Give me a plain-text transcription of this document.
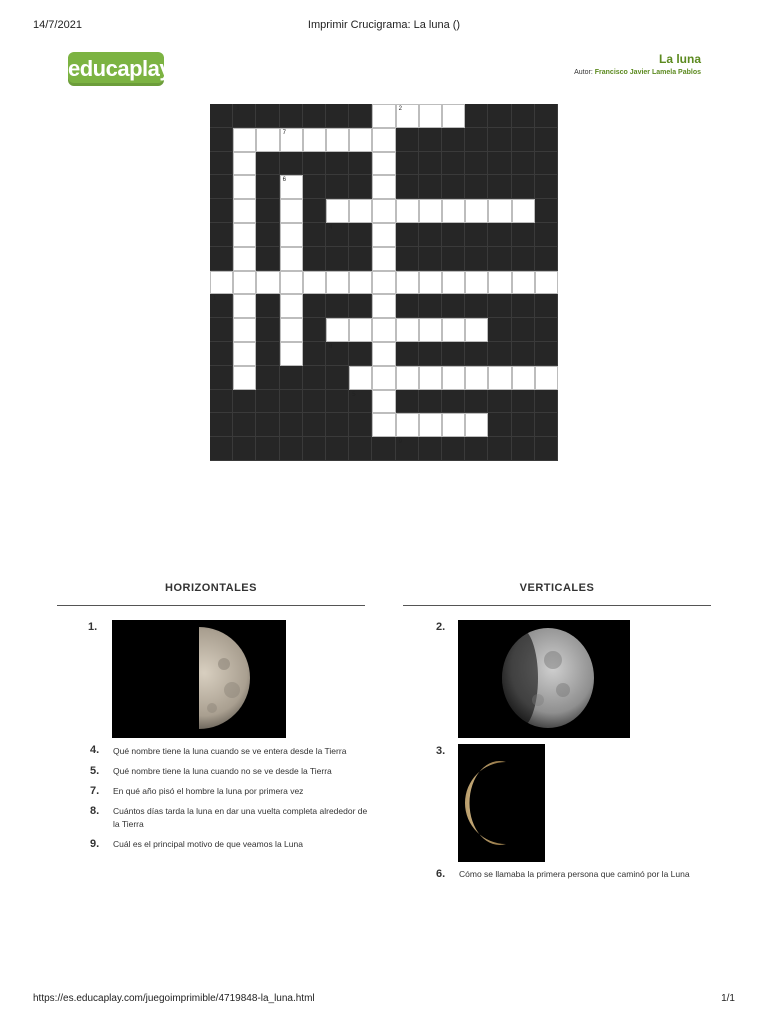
14/7/2021	Imprimir Crucigrama: La luna ()
educaplay	La luna
Autor: Francisco Javier Lamela Pablos
3	2
7
6
4
1
8
5
9
HORIZONTALES
1.
4. Qué nombre tiene la luna cuando se ve entera desde la Tierra
5. Qué nombre tiene la luna cuando no se ve desde la Tierra
7. En qué año pisó el hombre la luna por primera vez
8. Cuántos días tarda la luna en dar una vuelta completa alrededor de la Tierra
9. Cuál es el principal motivo de que veamos la Luna
VERTICALES
2.
3.
6. Cómo se llamaba la primera persona que caminó por la Luna
https://es.educaplay.com/juegoimprimible/4719848-la_luna.html	1/1
